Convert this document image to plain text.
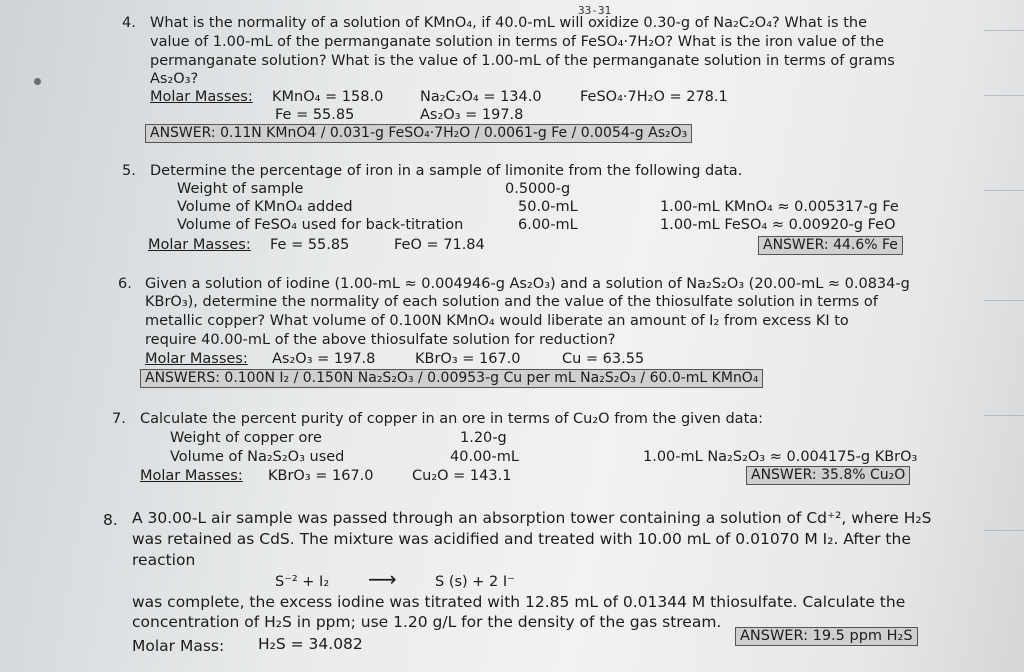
33-31
4. What is the normality of a solution of KMnO₄, if 40.0-mL will oxidize 0.30-g of Na₂C₂O₄? What is the
value of 1.00-mL of the permanganate solution in terms of FeSO₄·7H₂O? What is the iron value of the
permanganate solution? What is the value of 1.00-mL of the permanganate solution in terms of grams
As₂O₃?
Molar Masses: KMnO₄ = 158.0	Na₂C₂O₄ = 134.0	FeSO₄·7H₂O = 278.1
Fe = 55.85	As₂O₃ = 197.8
ANSWER: 0.11N KMnO4 / 0.031-g FeSO₄·7H₂O / 0.0061-g Fe / 0.0054-g As₂O₃
5. Determine the percentage of iron in a sample of limonite from the following data.
Weight of sample	0.5000-g
Volume of KMnO₄ added	50.0-mL	1.00-mL KMnO₄ ≈ 0.005317-g Fe
Volume of FeSO₄ used for back-titration	6.00-mL	1.00-mL FeSO₄ ≈ 0.00920-g FeO
Molar Masses: Fe = 55.85	FeO = 71.84	ANSWER: 44.6% Fe
6. Given a solution of iodine (1.00-mL ≈ 0.004946-g As₂O₃) and a solution of Na₂S₂O₃ (20.00-mL ≈ 0.0834-g
KBrO₃), determine the normality of each solution and the value of the thiosulfate solution in terms of
metallic copper? What volume of 0.100N KMnO₄ would liberate an amount of I₂ from excess KI to
require 40.00-mL of the above thiosulfate solution for reduction?
Molar Masses: As₂O₃ = 197.8	KBrO₃ = 167.0	Cu = 63.55
ANSWERS: 0.100N I₂ / 0.150N Na₂S₂O₃ / 0.00953-g Cu per mL Na₂S₂O₃ / 60.0-mL KMnO₄
7. Calculate the percent purity of copper in an ore in terms of Cu₂O from the given data:
Weight of copper ore	1.20-g
Volume of Na₂S₂O₃ used	40.00-mL	1.00-mL Na₂S₂O₃ ≈ 0.004175-g KBrO₃
Molar Masses: KBrO₃ = 167.0	Cu₂O = 143.1	ANSWER: 35.8% Cu₂O
8. A 30.00-L air sample was passed through an absorption tower containing a solution of Cd⁺², where H₂S
was retained as CdS. The mixture was acidified and treated with 10.00 mL of 0.01070 M I₂. After the
reaction
S⁻² + I₂ ⟶	S (s) + 2 I⁻
was complete, the excess iodine was titrated with 12.85 mL of 0.01344 M thiosulfate. Calculate the
concentration of H₂S in ppm; use 1.20 g/L for the density of the gas stream.
Molar Mass: H₂S = 34.082	ANSWER: 19.5 ppm H₂S
